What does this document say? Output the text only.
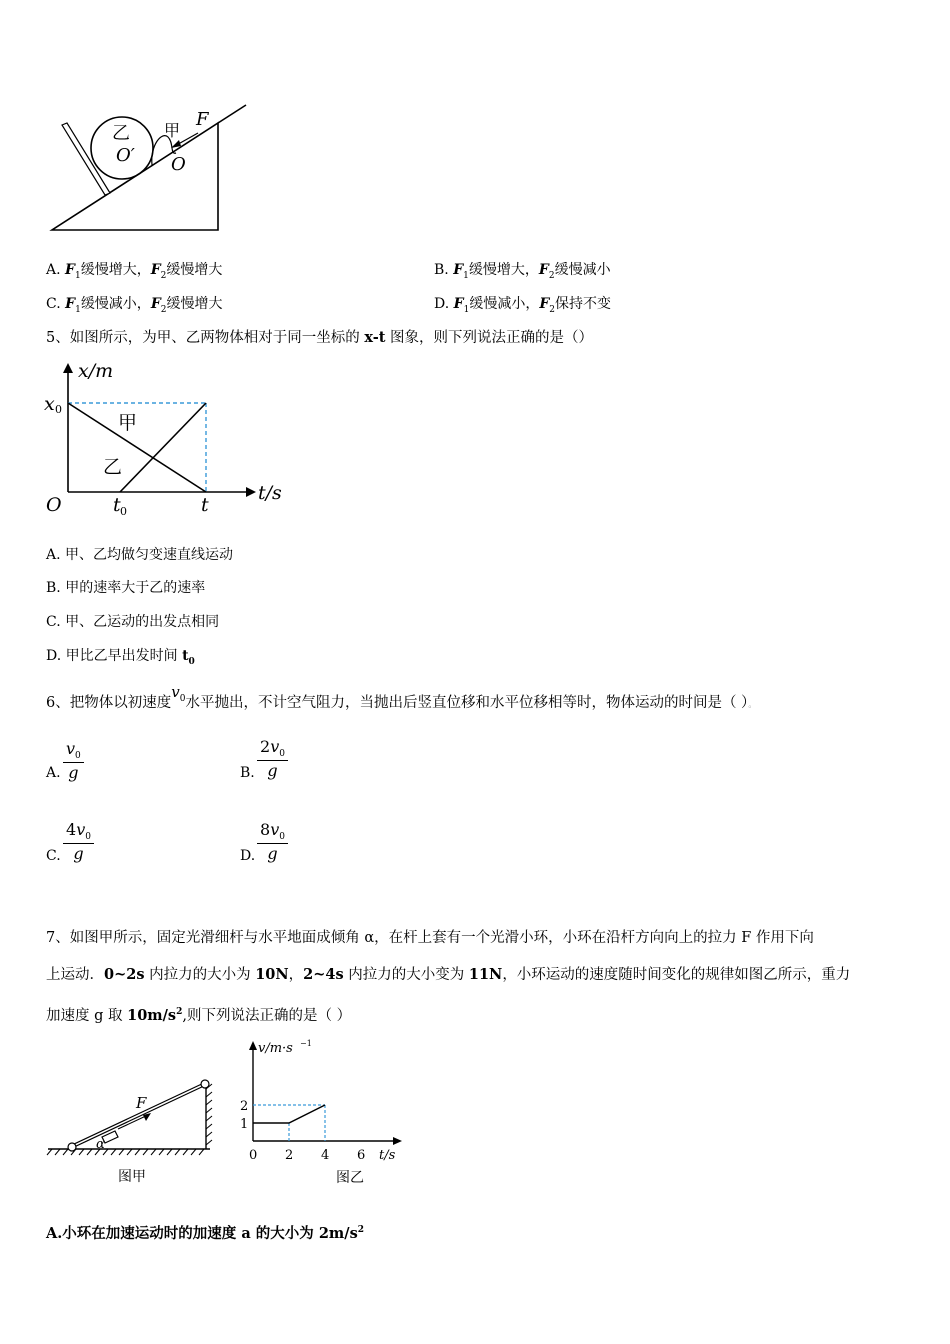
乙 甲
F
O′ O
A. $F_1$缓慢增大，$F_2$缓慢增大	B. $F_1$缓慢增大，$F_2$缓慢减小
C. $F_1$缓慢减小，$F_2$缓慢增大	D. $F_1$缓慢减小，$F_2$保持不变
5、如图所示，为甲、乙两物体相对于同一坐标的 x-t 图象，则下列说法正确的是（）
x/m
t/s
O
x 0
t 0	t
甲
乙
A. 甲、乙均做匀变速直线运动
B. 甲的速率大于乙的速率
C. 甲、乙运动的出发点相同
D. 甲比乙早出发时间 $t_0$
6、把物体以初速度$v^0$水平抛出，不计空气阻力，当抛出后竖直位移和水平位移相等时，物体运动的时间是（ ）。
A.
$v_0$
g	B.
$2v_0$
g
C.
$4v_0$
g	D.
$8v_0$
g
7、如图甲所示，固定光滑细杆与水平地面成倾角 α，在杆上套有一个光滑小环，小环在沿杆方向向上的拉力 F 作用下向
上运动．0~2s 内拉力的大小为 10N，2~4s 内拉力的大小变为 11N，小环运动的速度随时间变化的规律如图乙所示，重力
加速度 g 取 $10m/s^2$,则下列说法正确的是（ ）
F
α
图甲
2
1
0 2 4 6
v/m·s −1
t/s
图乙
A.小环在加速运动时的加速度 a 的大小为 $2m/s^2$
